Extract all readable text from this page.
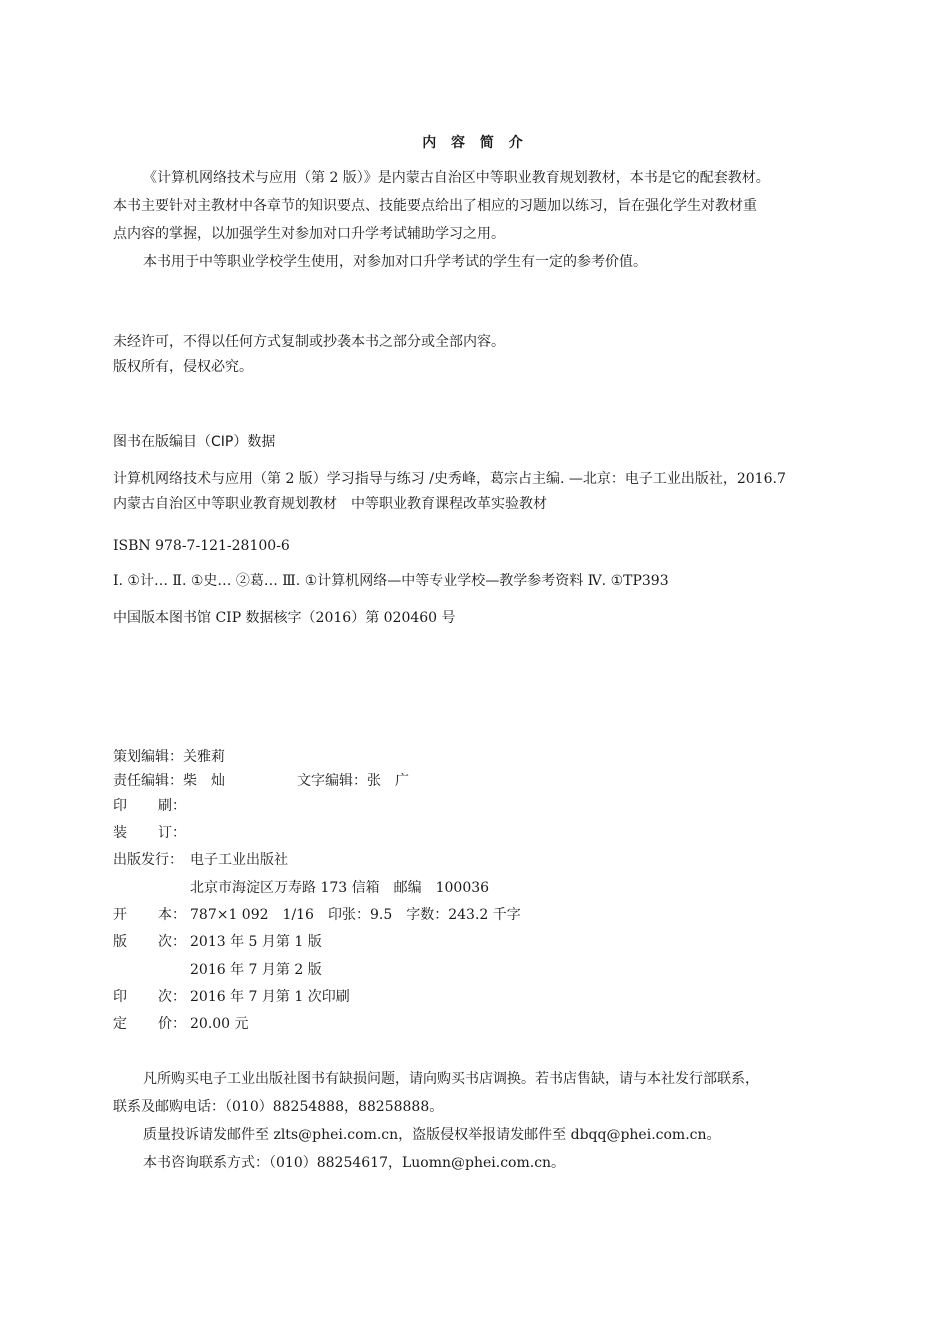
内 容 简 介
《计算机网络技术与应用（第 2 版）》是内蒙古自治区中等职业教育规划教材，本书是它的配套教材。
本书主要针对主教材中各章节的知识要点、技能要点给出了相应的习题加以练习，旨在强化学生对教材重
点内容的掌握，以加强学生对参加对口升学考试辅助学习之用。
本书用于中等职业学校学生使用，对参加对口升学考试的学生有一定的参考价值。
未经许可，不得以任何方式复制或抄袭本书之部分或全部内容。
版权所有，侵权必究。
图书在版编目（CIP）数据
计算机网络技术与应用（第 2 版）学习指导与练习 /史秀峰，葛宗占主编. —北京：电子工业出版社，2016.7
内蒙古自治区中等职业教育规划教材　中等职业教育课程改革实验教材
ISBN 978-7-121-28100-6
Ⅰ. ①计… Ⅱ. ①史… ②葛… Ⅲ. ①计算机网络—中等专业学校—教学参考资料 Ⅳ. ①TP393
中国版本图书馆 CIP 数据核字（2016）第 020460 号
策划编辑：关雅莉
责任编辑：柴　灿	文字编辑：张　广
印 刷：
装 订：
出版发行： 电子工业出版社
北京市海淀区万寿路 173 信箱　邮编　100036
开 本： 787×1 092　1/16　印张：9.5　字数：243.2 千字
版 次： 2013 年 5 月第 1 版
2016 年 7 月第 2 版
印 次： 2016 年 7 月第 1 次印刷
定 价： 20.00 元
凡所购买电子工业出版社图书有缺损问题，请向购买书店调换。若书店售缺，请与本社发行部联系，
联系及邮购电话：（010）88254888，88258888。
质量投诉请发邮件至 zlts@phei.com.cn，盗版侵权举报请发邮件至 dbqq@phei.com.cn。
本书咨询联系方式：（010）88254617，Luomn@phei.com.cn。
